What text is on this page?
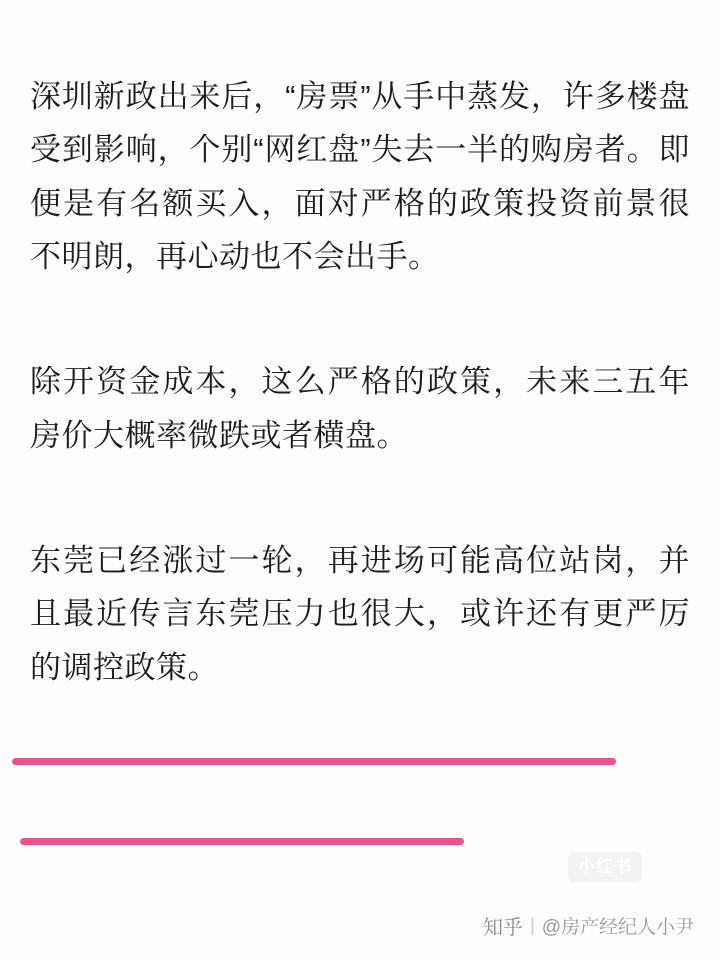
深圳新政出来后，“房票”从手中蒸发，许多楼盘受到影响，个别“网红盘”失去一半的购房者。即便是有名额买入，面对严格的政策投资前景很不明朗，再心动也不会出手。

除开资金成本，这么严格的政策，未来三五年房价大概率微跌或者横盘。

东莞已经涨过一轮，再进场可能高位站岗，并且最近传言东莞压力也很大，或许还有更严厉的调控政策。

小红书
知乎 | @房产经纪人小尹
